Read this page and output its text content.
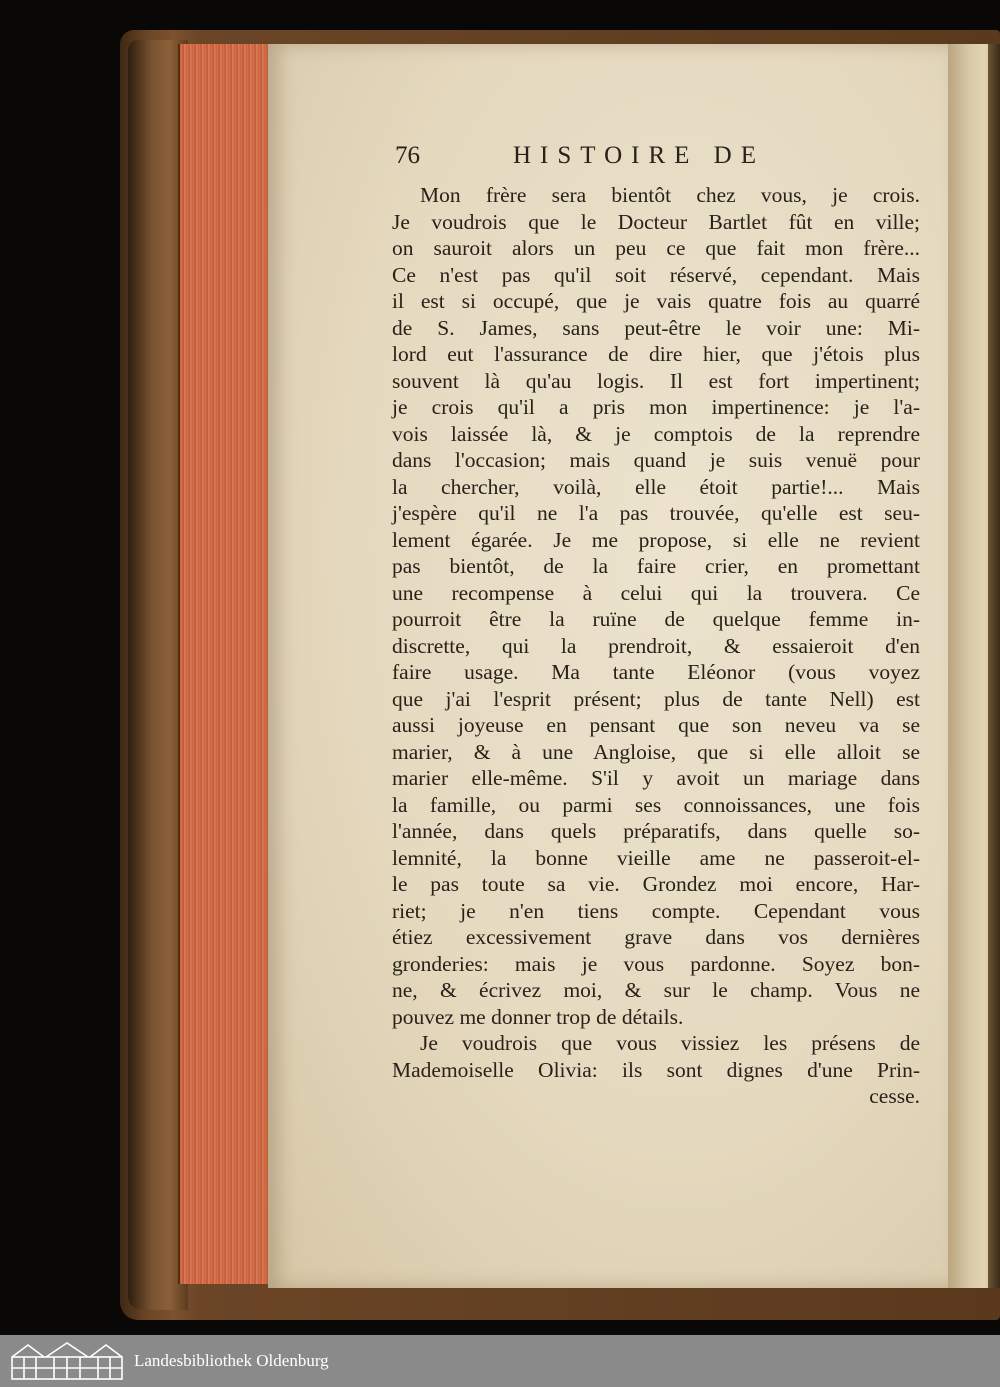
76	HISTOIRE DE
Mon frère sera bientôt chez vous, je crois.
Je voudrois que le Docteur Bartlet fût en ville;
on sauroit alors un peu ce que fait mon frère...
Ce n'est pas qu'il soit réservé, cependant. Mais
il est si occupé, que je vais quatre fois au quarré
de S. James, sans peut-être le voir une: Mi-
lord eut l'assurance de dire hier, que j'étois plus
souvent là qu'au logis. Il est fort impertinent;
je crois qu'il a pris mon impertinence: je l'a-
vois laissée là, & je comptois de la reprendre
dans l'occasion; mais quand je suis venuë pour
la chercher, voilà, elle étoit partie!... Mais
j'espère qu'il ne l'a pas trouvée, qu'elle est seu-
lement égarée. Je me propose, si elle ne revient
pas bientôt, de la faire crier, en promettant
une recompense à celui qui la trouvera. Ce
pourroit être la ruïne de quelque femme in-
discrette, qui la prendroit, & essaieroit d'en
faire usage. Ma tante Eléonor (vous voyez
que j'ai l'esprit présent; plus de tante Nell) est
aussi joyeuse en pensant que son neveu va se
marier, & à une Angloise, que si elle alloit se
marier elle-même. S'il y avoit un mariage dans
la famille, ou parmi ses connoissances, une fois
l'année, dans quels préparatifs, dans quelle so-
lemnité, la bonne vieille ame ne passeroit-el-
le pas toute sa vie. Grondez moi encore, Har-
riet; je n'en tiens compte. Cependant vous
étiez excessivement grave dans vos dernières
gronderies: mais je vous pardonne. Soyez bon-
ne, & écrivez moi, & sur le champ. Vous ne
pouvez me donner trop de détails.
Je voudrois que vous vissiez les présens de
Mademoiselle Olivia: ils sont dignes d'une Prin-
cesse.
Landesbibliothek Oldenburg
